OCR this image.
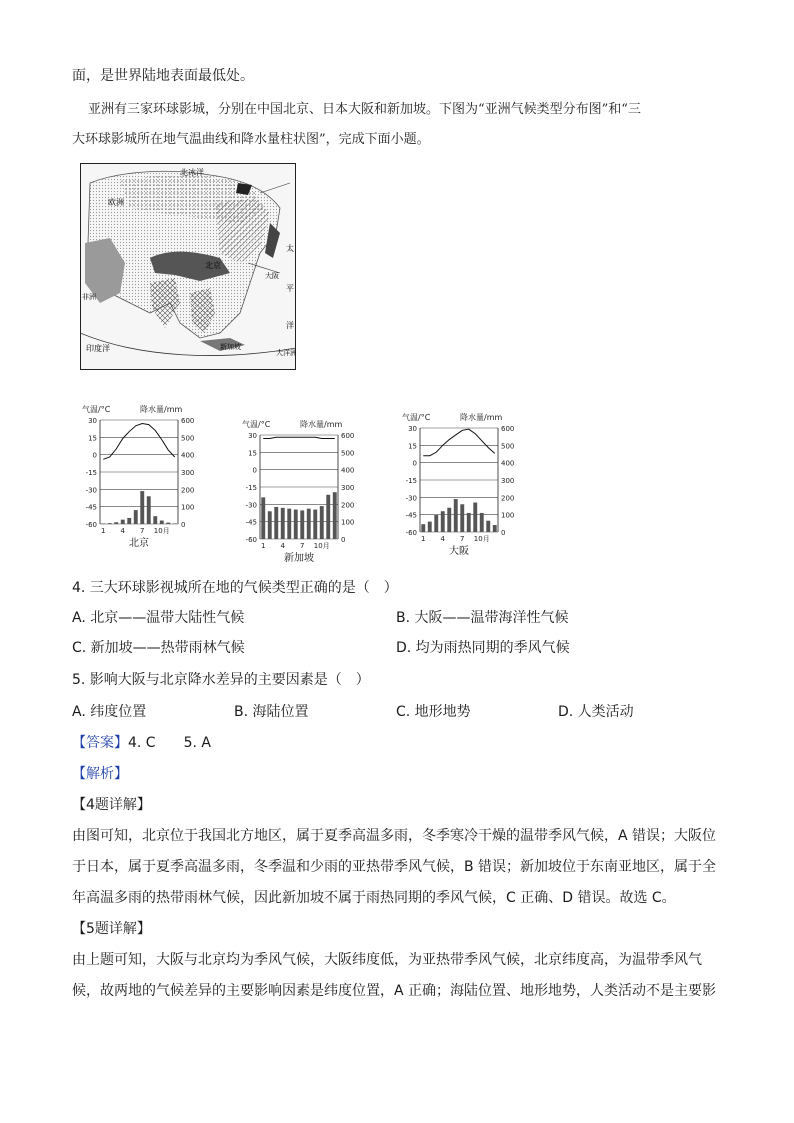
面，是世界陆地表面最低处。
亚洲有三家环球影城，分别在中国北京、日本大阪和新加坡。下图为“亚洲气候类型分布图”和“三
大环球影城所在地气温曲线和降水量柱状图”，完成下面小题。
北冰洋
欧洲
非洲
印度洋
北京
大阪
新加坡
太
平
洋
大洋洲
气温/°C	降水量/mm
30	600
15	500
0	400
-15	300
-30	200
-45	100
-60	0
1 4 7 10月
北京
气温/°C	降水量/mm
30	600
15	500
0	400
-15	300
-30	200
-45	100
-60	0
1 4 7 10月
新加坡
气温/°C	降水量/mm
30	600
15	500
0	400
-15	300
-30	200
-45	100
-60	0
1 4 7 10月
大阪
4. 三大环球影视城所在地的气候类型正确的是（　）
A. 北京——温带大陆性气候	B. 大阪——温带海洋性气候
C. 新加坡——热带雨林气候	D. 均为雨热同期的季风气候
5. 影响大阪与北京降水差异的主要因素是（　）
A. 纬度位置	B. 海陆位置	C. 地形地势	D. 人类活动
【答案】4. C　　5. A
【解析】
【4题详解】
由图可知，北京位于我国北方地区，属于夏季高温多雨，冬季寒冷干燥的温带季风气候，A 错误；大阪位
于日本，属于夏季高温多雨，冬季温和少雨的亚热带季风气候，B 错误；新加坡位于东南亚地区，属于全
年高温多雨的热带雨林气候，因此新加坡不属于雨热同期的季风气候，C 正确、D 错误。故选 C。
【5题详解】
由上题可知，大阪与北京均为季风气候，大阪纬度低，为亚热带季风气候，北京纬度高，为温带季风气
候，故两地的气候差异的主要影响因素是纬度位置，A 正确；海陆位置、地形地势，人类活动不是主要影
